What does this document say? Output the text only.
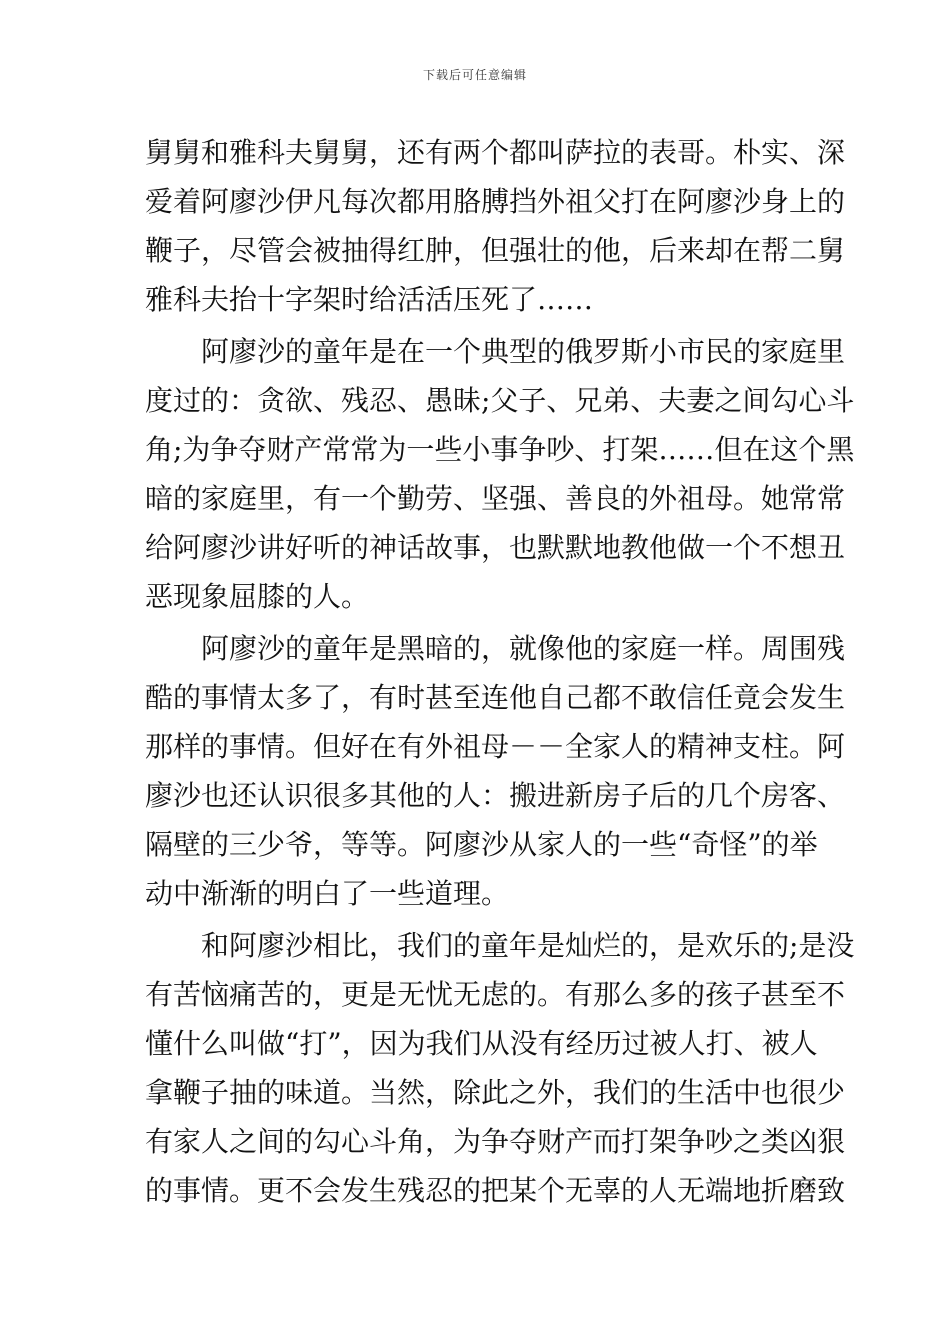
下载后可任意编辑
舅舅和雅科夫舅舅，还有两个都叫萨拉的表哥。朴实、深
爱着阿廖沙伊凡每次都用胳膊挡外祖父打在阿廖沙身上的
鞭子，尽管会被抽得红肿，但强壮的他，后来却在帮二舅
雅科夫抬十字架时给活活压死了……
阿廖沙的童年是在一个典型的俄罗斯小市民的家庭里
度过的：贪欲、残忍、愚昧;父子、兄弟、夫妻之间勾心斗
角;为争夺财产常常为一些小事争吵、打架……但在这个黑
暗的家庭里，有一个勤劳、坚强、善良的外祖母。她常常
给阿廖沙讲好听的神话故事，也默默地教他做一个不想丑
恶现象屈膝的人。
阿廖沙的童年是黑暗的，就像他的家庭一样。周围残
酷的事情太多了，有时甚至连他自己都不敢信任竟会发生
那样的事情。但好在有外祖母－－全家人的精神支柱。阿
廖沙也还认识很多其他的人：搬进新房子后的几个房客、
隔壁的三少爷，等等。阿廖沙从家人的一些“奇怪”的举
动中渐渐的明白了一些道理。
和阿廖沙相比，我们的童年是灿烂的，是欢乐的;是没
有苦恼痛苦的，更是无忧无虑的。有那么多的孩子甚至不
懂什么叫做“打”，因为我们从没有经历过被人打、被人
拿鞭子抽的味道。当然，除此之外，我们的生活中也很少
有家人之间的勾心斗角，为争夺财产而打架争吵之类凶狠
的事情。更不会发生残忍的把某个无辜的人无端地折磨致
